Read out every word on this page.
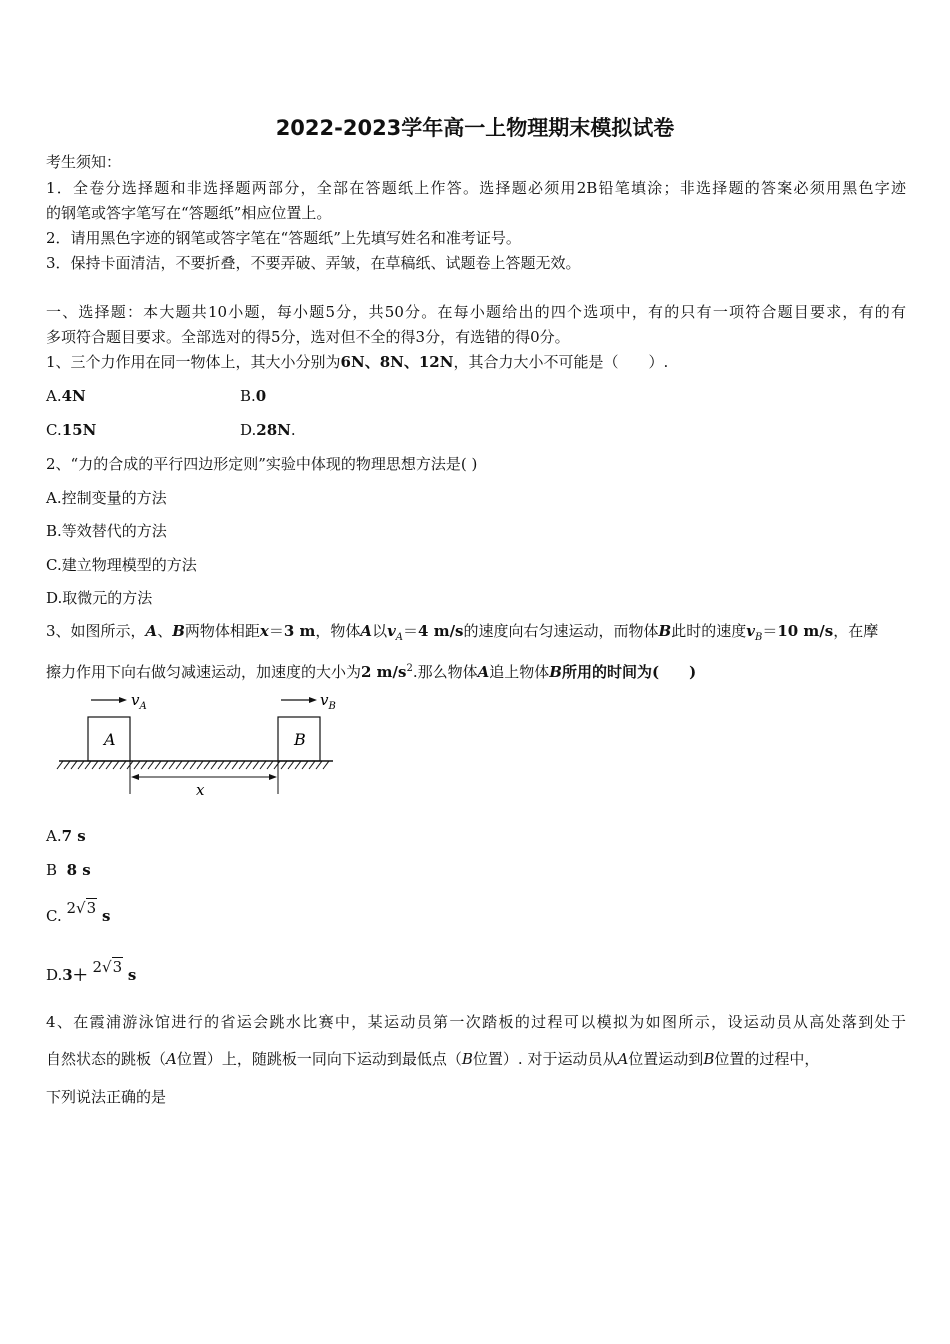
2022-2023学年高一上物理期末模拟试卷
考生须知：
1．全卷分选择题和非选择题两部分，全部在答题纸上作答。选择题必须用2B铅笔填涂；非选择题的答案必须用黑色字迹
的钢笔或答字笔写在“答题纸”相应位置上。
2．请用黑色字迹的钢笔或答字笔在“答题纸”上先填写姓名和准考证号。
3．保持卡面清洁，不要折叠，不要弄破、弄皱，在草稿纸、试题卷上答题无效。
一、选择题：本大题共10小题，每小题5分，共50分。在每小题给出的四个选项中，有的只有一项符合题目要求，有的有
多项符合题目要求。全部选对的得5分，选对但不全的得3分，有选错的得0分。
1、三个力作用在同一物体上，其大小分别为6N、8N、12N，其合力大小不可能是（　　）.
A.4N	B.0
C.15N	D.28N.
2、“力的合成的平行四边形定则”实验中体现的物理思想方法是( )
A.控制变量的方法
B.等效替代的方法
C.建立物理模型的方法
D.取微元的方法
3、如图所示，A、B两物体相距x＝3 m，物体A以$v_A=4$ m/s的速度向右匀速运动，而物体B此时的速度$v_B=10$ m/s，在摩
擦力作用下向右做匀减速运动，加速度的大小为2 $m/s^2$.那么物体A追上物体B所用的时间为(　　)
A	B
$v_A$	$v_B$
x
A.7 s
B 8 s
C. 2√3 s
D.3＋ 2√3 s
4、在霞浦游泳馆进行的省运会跳水比赛中，某运动员第一次踏板的过程可以模拟为如图所示，设运动员从高处落到处于
自然状态的跳板（A位置）上，随跳板一同向下运动到最低点（B位置）. 对于运动员从A位置运动到B位置的过程中，
下列说法正确的是
